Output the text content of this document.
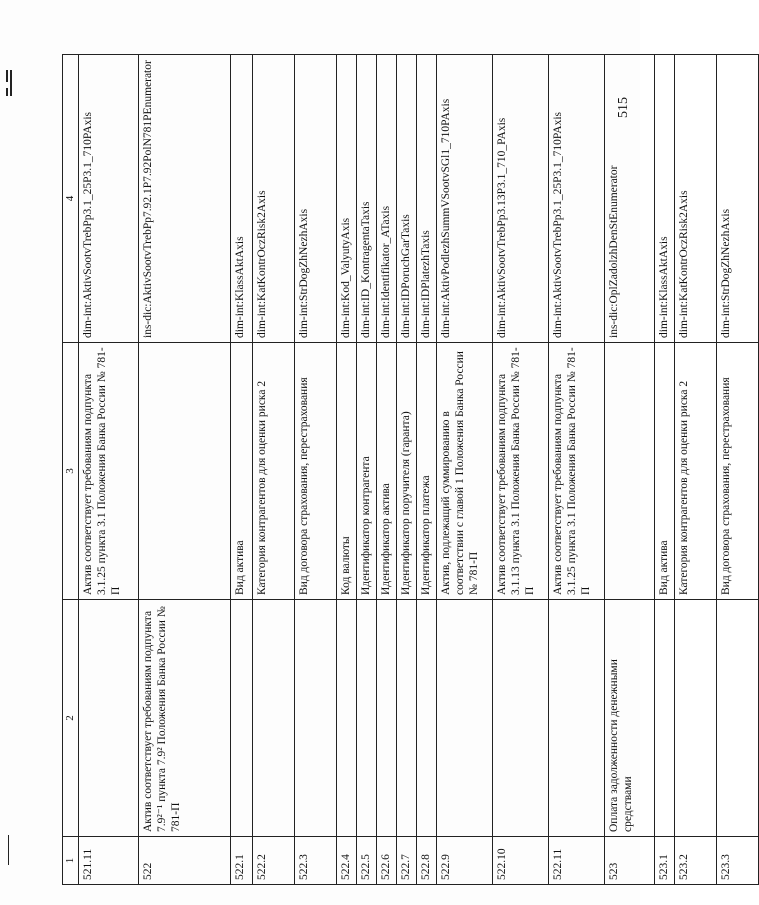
1	2	3	4
521.11		Актив соответствует требованиям подпункта 3.1.25 пункта 3.1 Положения Банка России № 781-П	dim-int:AktivSootvTrebPp3.1_25P3.1_710PAxis
522	Актив соответствует требованиям подпункта 7.9²⁻¹ пункта 7.9² Положения Банка России № 781-П		ins-dic:AktivSootvTrebPp7.92.1P7.92PolN781PEnumerator
522.1		Вид актива	dim-int:KlassAktAxis
522.2		Категория контрагентов для оценки риска 2	dim-int:KatKontrOczRisk2Axis
522.3		Вид договора страхования, перестрахования	dim-int:StrDogZhNezhAxis
522.4		Код валюты	dim-int:Kod_ValyutyAxis
522.5		Идентификатор контрагента	dim-int:ID_KontragentaTaxis
522.6		Идентификатор актива	dim-int:Identifikator_ATaxis
522.7		Идентификатор поручителя (гаранта)	dim-int:IDPoruchGarTaxis
522.8		Идентификатор платежа	dim-int:IDPlatezhTaxis
522.9		Актив, подлежащий суммированию в соответствии с главой 1 Положения Банка России № 781-П	dim-int:AktivPodlezhSummVSootvSGl1_710PAxis
522.10		Актив соответствует требованиям подпункта 3.1.13 пункта 3.1 Положения Банка России № 781-П	dim-int:AktivSootvTrebPp3.13P3.1_710_PAxis
522.11		Актив соответствует требованиям подпункта 3.1.25 пункта 3.1 Положения Банка России № 781-П	dim-int:AktivSootvTrebPp3.1_25P3.1_710PAxis
523	Оплата задолженности денежными средствами		ins-dic:OplZadolzhDenStEnumerator
523.1		Вид актива	dim-int:KlassAktAxis
523.2		Категория контрагентов для оценки риска 2	dim-int:KatKontrOczRisk2Axis
523.3		Вид договора страхования, перестрахования	dim-int:StrDogZhNezhAxis
515
